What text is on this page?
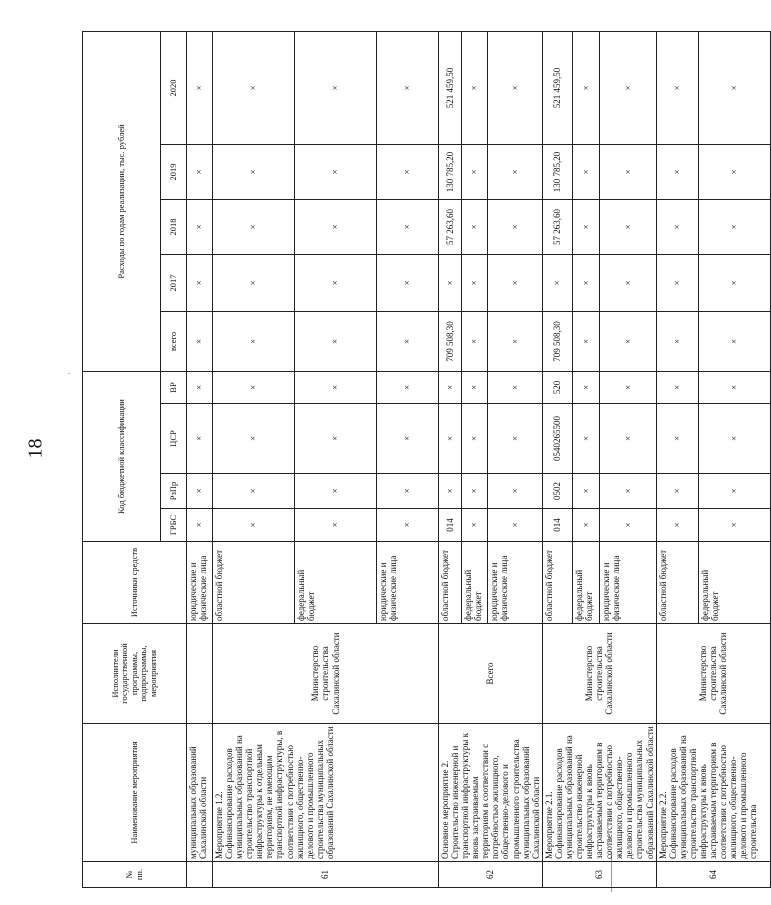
18
·
№ пп.	Наименование мероприятия	Исполнители государственной программы, подпрограммы, мероприятия	Источники средств	Код бюджетной классификации				Расходы по годам реализации, тыс. рублей				
				ГРБС	РзПр	ЦСР	ВР	всего	2017	2018	2019	2020
	муниципальных образований Сахалинской области		юридические и физические лица	×	×	×	×	×	×	×	×	×
61	Мероприятие 1.2. Софинансирование расходов муниципальных образований на строительство транспортной инфраструктуры к отдельным территориям, не имеющим транспортной инфраструктуры, в соответствии с потребностью жилищного, общественно-делового и промышленного строительства муниципальных образований Сахалинской области	Министерство строительства Сахалинской области	областной бюджет	×	×	×	×	×	×	×	×	×
			федеральный бюджет	×	×	×	×	×	×	×	×	×
			юридические и физические лица	×	×	×	×	×	×	×	×	×
62	Основное мероприятие 2. Строительство инженерной и транспортной инфраструктуры к вновь застраиваемым территориям в соответствии с потребностью жилищного, общественно-делового и промышленного строительства муниципальных образований Сахалинской области	Всего	областной бюджет	014	×	×	×	709 508,30	×	57 263,60	130 785,20	521 459,50
			федеральный бюджет	×	×	×	×	×	×	×	×	×
			юридические и физические лица	×	×	×	×	×	×	×	×	×
63	Мероприятие 2.1. Софинансирование расходов муниципальных образований на строительство инженерной инфраструктуры к вновь застраиваемым территориям в соответствии с потребностью жилищного, общественно-делового и промышленного строительства муниципальных образований Сахалинской области	Министерство строительства Сахалинской области	областной бюджет	014	0502	0540265500	520	709 508,30	×	57 263,60	130 785,20	521 459,50
			федеральный бюджет	×	×	×	×	×	×	×	×	×
			юридические и физические лица	×	×	×	×	×	×	×	×	×
64	Мероприятие 2.2. Софинансирование расходов муниципальных образований на строительство транспортной инфраструктуры к вновь застраиваемым территориям в соответствии с потребностью жилищного, общественно-делового и промышленного строительства	Министерство строительства Сахалинской области	областной бюджет	×	×	×	×	×	×	×	×	×
			федеральный бюджет	×	×	×	×	×	×	×	×	×
